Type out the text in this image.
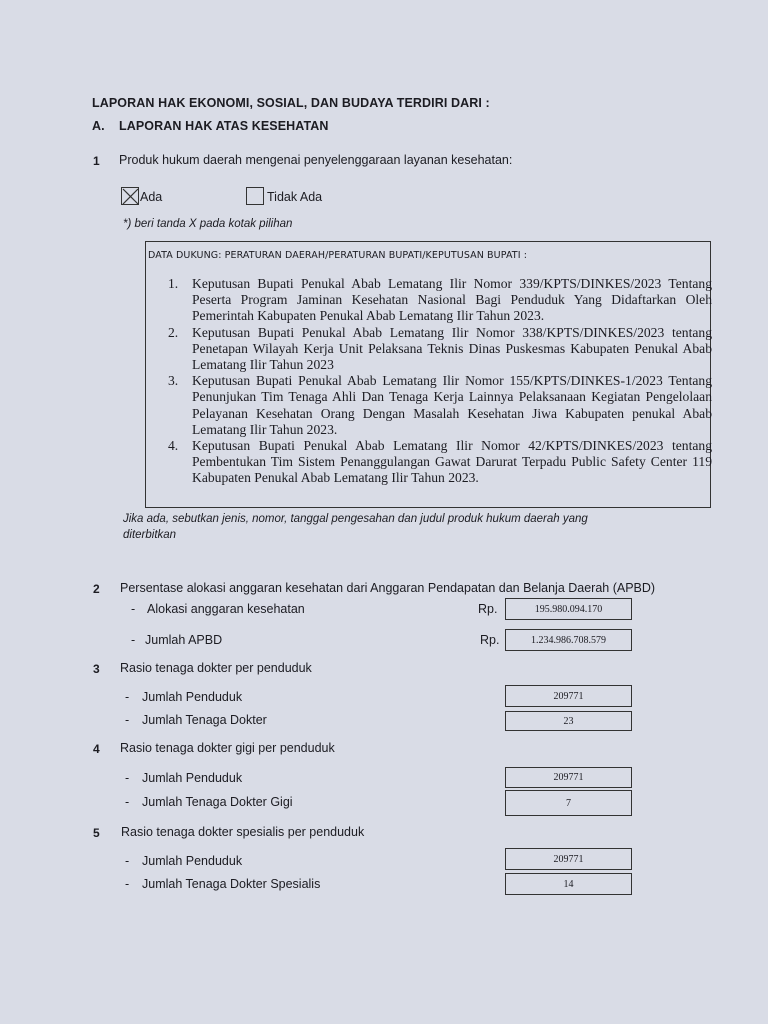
LAPORAN HAK EKONOMI, SOSIAL, DAN BUDAYA TERDIRI DARI :
A. LAPORAN HAK ATAS KESEHATAN
1 Produk hukum daerah mengenai penyelenggaraan layanan kesehatan:
Ada	Tidak Ada
*) beri tanda X pada kotak pilihan
DATA DUKUNG: PERATURAN DAERAH/PERATURAN BUPATI/KEPUTUSAN BUPATI :
1.	Keputusan Bupati Penukal Abab Lematang Ilir Nomor 339/KPTS/DINKES/2023 Tentang Peserta Program Jaminan Kesehatan Nasional Bagi Penduduk Yang Didaftarkan Oleh Pemerintah Kabupaten Penukal Abab Lematang Ilir Tahun 2023.
2.	Keputusan Bupati Penukal Abab Lematang Ilir Nomor 338/KPTS/DINKES/2023 tentang Penetapan Wilayah Kerja Unit Pelaksana Teknis Dinas Puskesmas Kabupaten Penukal Abab Lematang Ilir Tahun 2023
3.	Keputusan Bupati Penukal Abab Lematang Ilir Nomor 155/KPTS/DINKES-1/2023 Tentang Penunjukan Tim Tenaga Ahli Dan Tenaga Kerja Lainnya Pelaksanaan Kegiatan Pengelolaan Pelayanan Kesehatan Orang Dengan Masalah Kesehatan Jiwa Kabupaten penukal Abab Lematang Ilir Tahun 2023.
4.	Keputusan Bupati Penukal Abab Lematang Ilir Nomor 42/KPTS/DINKES/2023 tentang Pembentukan Tim Sistem Penanggulangan Gawat Darurat Terpadu Public Safety Center 119 Kabupaten Penukal Abab Lematang Ilir Tahun 2023.
Jika ada, sebutkan jenis, nomor, tanggal pengesahan dan judul produk hukum daerah yang
diterbitkan
2 Persentase alokasi anggaran kesehatan dari Anggaran Pendapatan dan Belanja Daerah (APBD)
- Alokasi anggaran kesehatan	Rp.	195.980.094.170
- Jumlah APBD	Rp.	1.234.986.708.579
3 Rasio tenaga dokter per penduduk
- Jumlah Penduduk	209771
- Jumlah Tenaga Dokter	23
4 Rasio tenaga dokter gigi per penduduk
- Jumlah Penduduk	209771
- Jumlah Tenaga Dokter Gigi	7
5 Rasio tenaga dokter spesialis per penduduk
- Jumlah Penduduk	209771
- Jumlah Tenaga Dokter Spesialis	14
